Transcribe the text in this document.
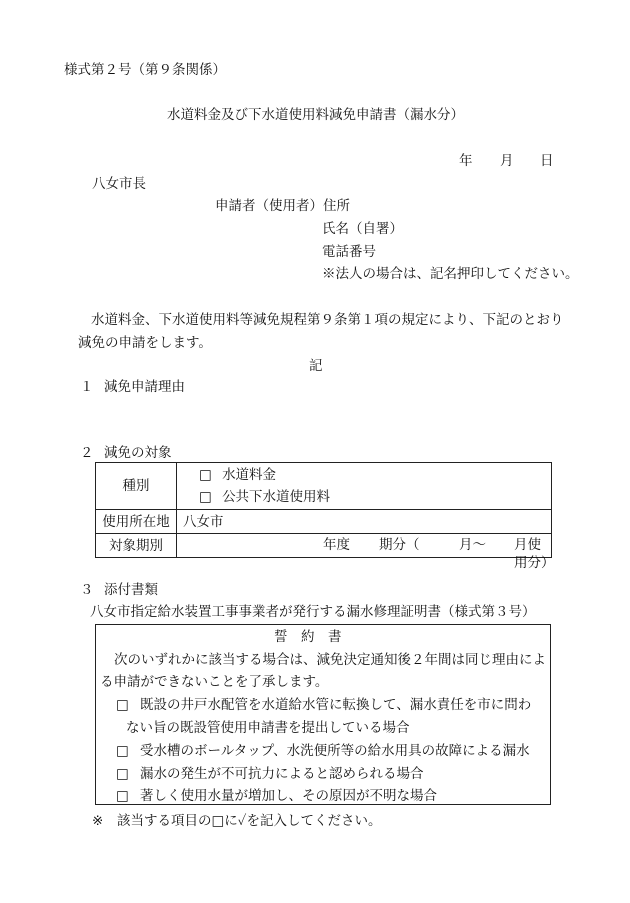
様式第２号（第９条関係）
水道料金及び下水道使用料減免申請書（漏水分）
年 月 日
八女市長
申請者（使用者）住所
氏名（自署）
電話番号
※法人の場合は、記名押印してください。
水道料金、下水道使用料等減免規程第９条第１項の規定により、下記のとおり
減免の申請をします。
記
１ 減免申請理由
２ 減免の対象
種別	□ 水道料金
□ 公共下水道使用料

使用所在地	八女市
対象期別	年度 期分（ 月～ 月使用分）
３ 添付書類
八女市指定給水装置工事事業者が発行する漏水修理証明書（様式第３号）
誓　約　書
次のいずれかに該当する場合は、減免決定通知後２年間は同じ理由によ
る申請ができないことを了承します。
□ 既設の井戸水配管を水道給水管に転換して、漏水責任を市に問わ
ない旨の既設管使用申請書を提出している場合
□ 受水槽のボールタップ、水洗便所等の給水用具の故障による漏水
□ 漏水の発生が不可抗力によると認められる場合
□ 著しく使用水量が増加し、その原因が不明な場合
※ 該当する項目の□に✓を記入してください。
